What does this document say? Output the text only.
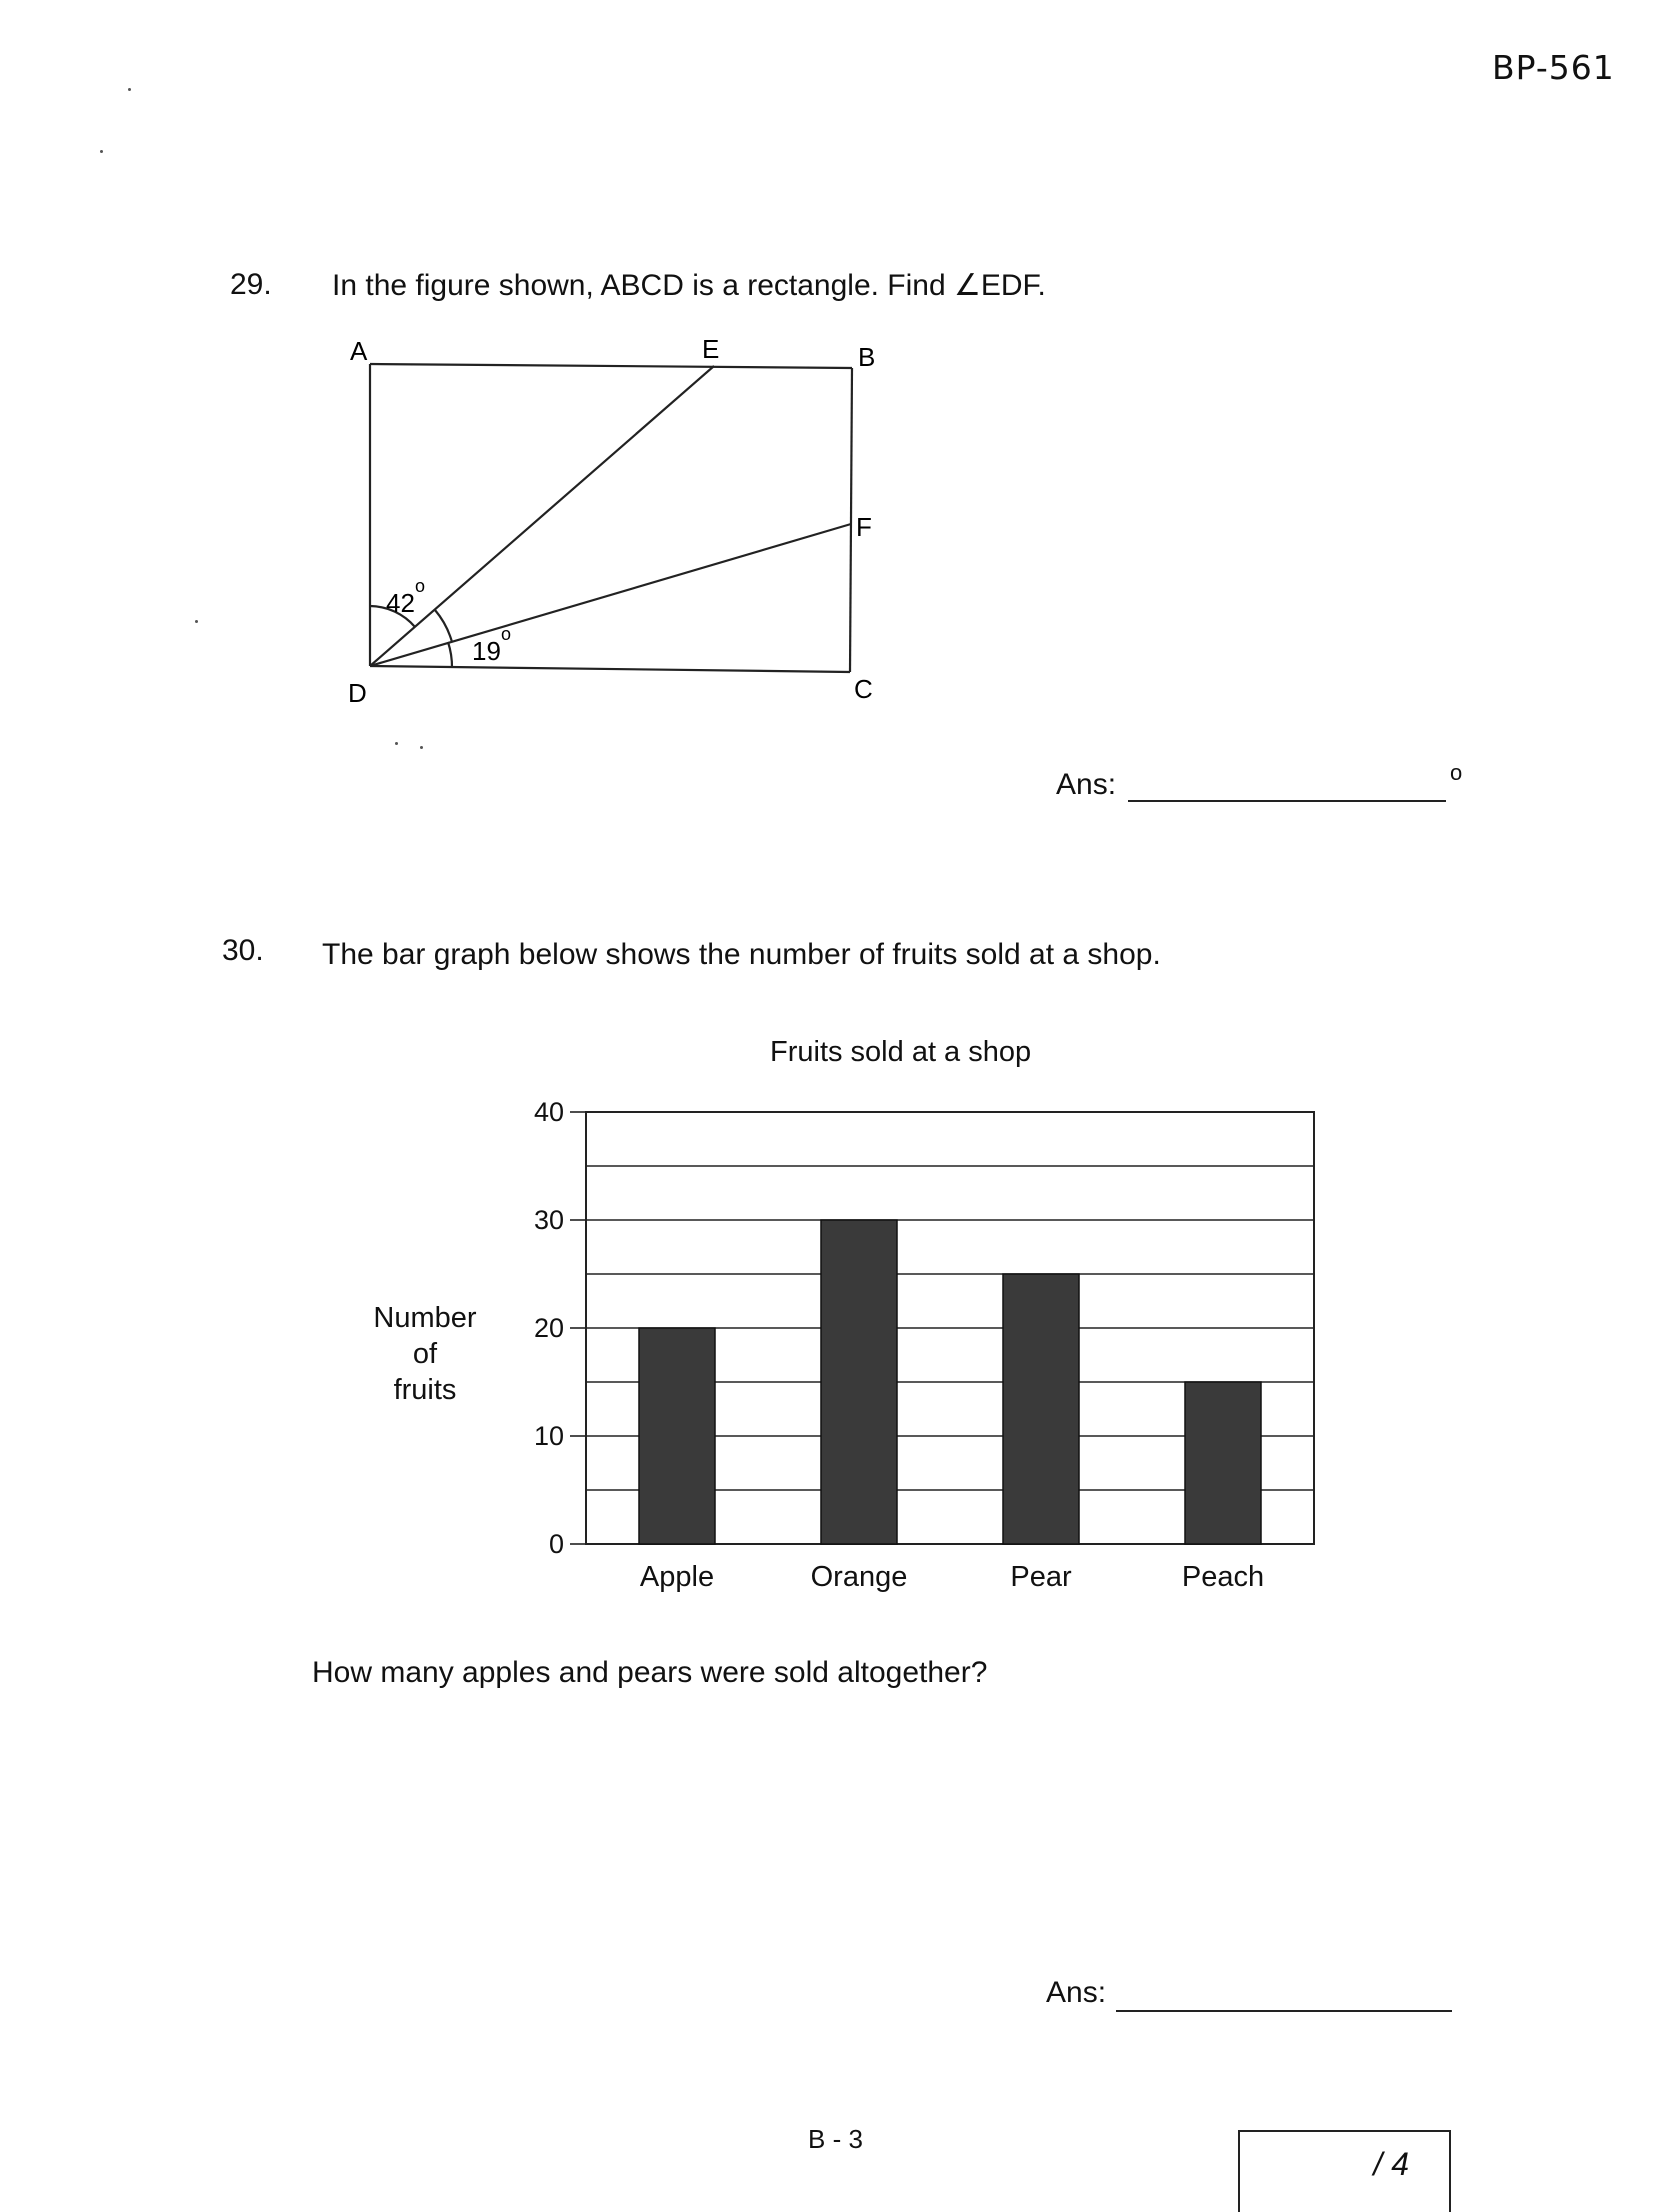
BP-561
29. In the figure shown, ABCD is a rectangle. Find ∠EDF.
A	E	B
F
D	C
42
o
19
o
Ans:	o
30. The bar graph below shows the number of fruits sold at a shop.
Fruits sold at a shop
Number
of
fruits
0
10
20
30
40
Apple	Orange	Pear	Peach
How many apples and pears were sold altogether?
Ans:
B - 3
/ 4
